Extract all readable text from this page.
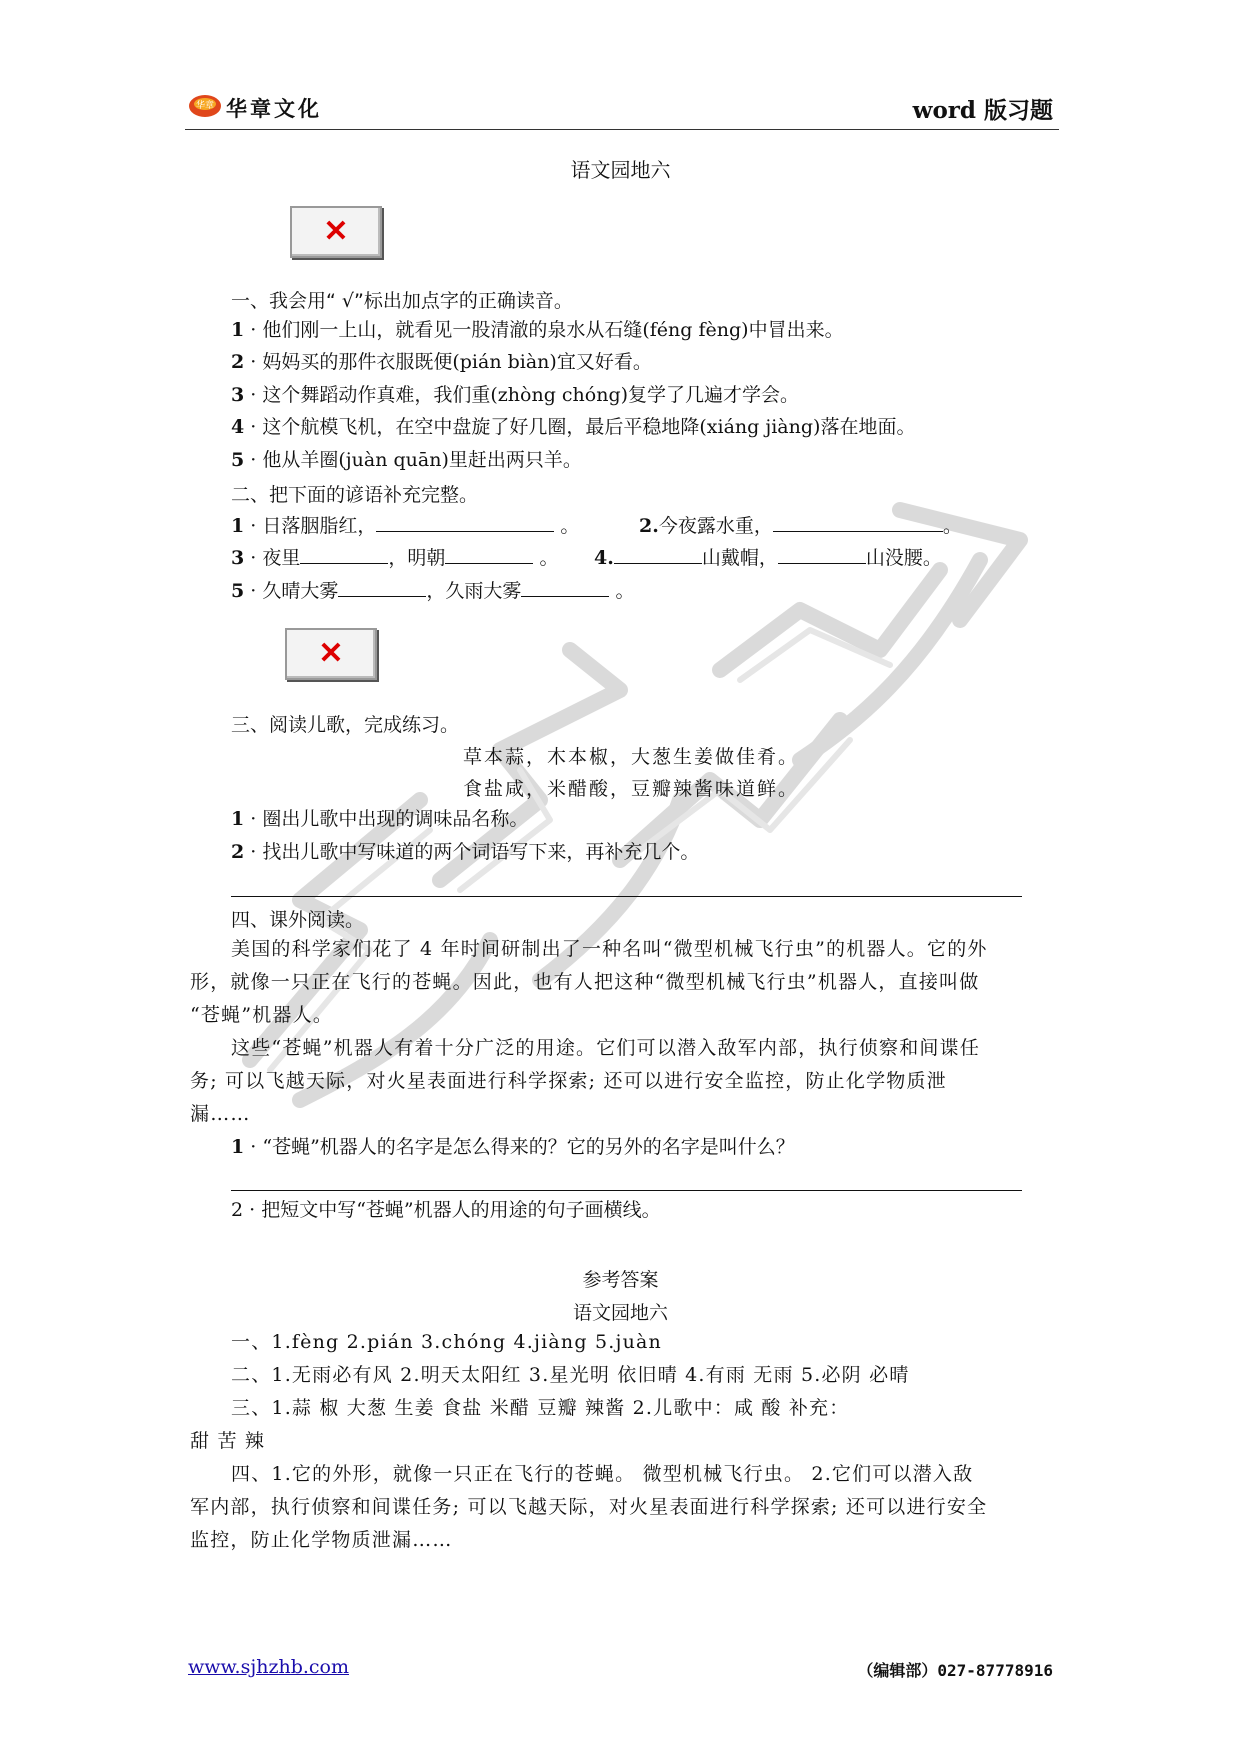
华章 华章文化	word 版习题
语文园地六
✕
一、我会用“ √”标出加点字的正确读音。
1 · 他们刚一上山，就看见一股清澈的泉水从石缝(féng fèng)中冒出来。
2 · 妈妈买的那件衣服既便(pián biàn)宜又好看。
3 · 这个舞蹈动作真难，我们重(zhòng chóng)复学了几遍才学会。
4 · 这个航模飞机，在空中盘旋了好几圈，最后平稳地降(xiáng jiàng)落在地面。
5 · 他从羊圈(juàn quān)里赶出两只羊。
二、把下面的谚语补充完整。
1 · 日落胭脂红，	。	2.今夜露水重，	。
3 · 夜里	，明朝	。 4.	山戴帽，	山没腰。
5 · 久晴大雾	，久雨大雾	。
✕
三、阅读儿歌，完成练习。
草本蒜，木本椒，大葱生姜做佳肴。
食盐咸，米醋酸，豆瓣辣酱味道鲜。
1 · 圈出儿歌中出现的调味品名称。
2 · 找出儿歌中写味道的两个词语写下来，再补充几个。
四、课外阅读。
美国的科学家们花了 4 年时间研制出了一种名叫“微型机械飞行虫”的机器人。它的外
形，就像一只正在飞行的苍蝇。因此，也有人把这种“微型机械飞行虫”机器人，直接叫做
“苍蝇”机器人。
这些“苍蝇”机器人有着十分广泛的用途。它们可以潜入敌军内部，执行侦察和间谍任
务; 可以飞越天际，对火星表面进行科学探索; 还可以进行安全监控，防止化学物质泄
漏……
1 · “苍蝇”机器人的名字是怎么得来的？它的另外的名字是叫什么？
2 · 把短文中写“苍蝇”机器人的用途的句子画横线。
参考答案
语文园地六
一、1.fèng 2.pián 3.chóng 4.jiàng 5.juàn
二、1.无雨必有风 2.明天太阳红 3.星光明 依旧晴 4.有雨 无雨 5.必阴 必晴
三、1.蒜 椒 大葱 生姜 食盐 米醋 豆瓣 辣酱 2.儿歌中：咸 酸 补充：
甜 苦 辣
四、1.它的外形，就像一只正在飞行的苍蝇。 微型机械飞行虫。 2.它们可以潜入敌
军内部，执行侦察和间谍任务; 可以飞越天际，对火星表面进行科学探索; 还可以进行安全
监控，防止化学物质泄漏……
www.sjhzhb.com	（编辑部）027-87778916
